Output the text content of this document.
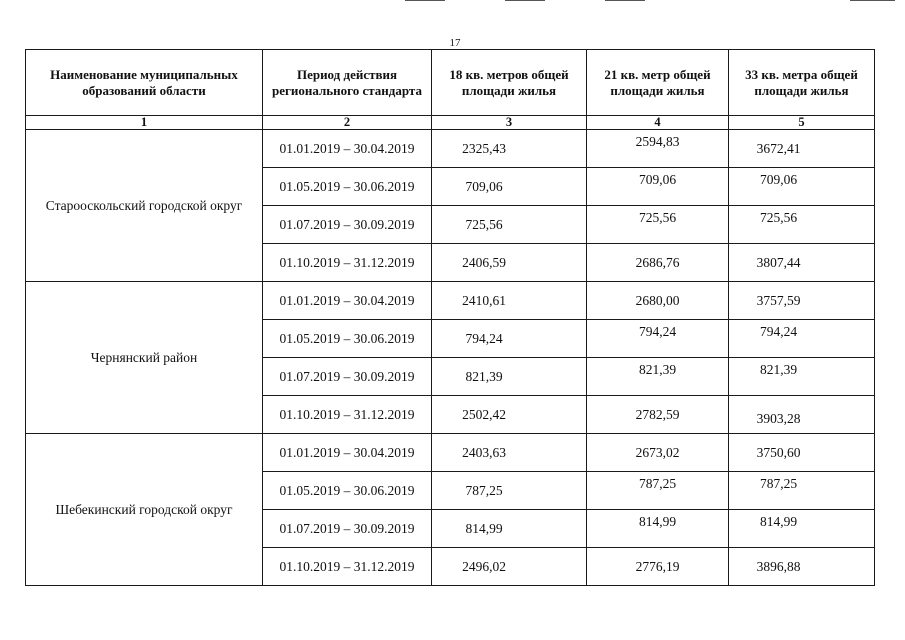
17
Наименование муниципальных образований области	Период действия регионального стандарта	18 кв. метров общей площади жилья	21 кв. метр общей площади жилья	33 кв. метра общей площади жилья
1	2	3	4	5
Старооскольский городской округ	01.01.2019 – 30.04.2019	2325,43	2594,83	3672,41
	01.05.2019 – 30.06.2019	709,06	709,06	709,06
	01.07.2019 – 30.09.2019	725,56	725,56	725,56
	01.10.2019 – 31.12.2019	2406,59	2686,76	3807,44
Чернянский район	01.01.2019 – 30.04.2019	2410,61	2680,00	3757,59
	01.05.2019 – 30.06.2019	794,24	794,24	794,24
	01.07.2019 – 30.09.2019	821,39	821,39	821,39
	01.10.2019 – 31.12.2019	2502,42	2782,59	3903,28
Шебекинский городской округ	01.01.2019 – 30.04.2019	2403,63	2673,02	3750,60
	01.05.2019 – 30.06.2019	787,25	787,25	787,25
	01.07.2019 – 30.09.2019	814,99	814,99	814,99
	01.10.2019 – 31.12.2019	2496,02	2776,19	3896,88
